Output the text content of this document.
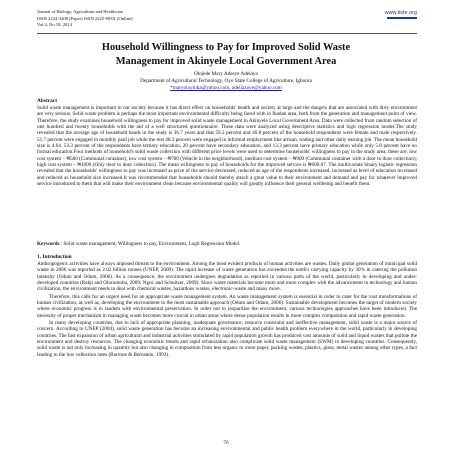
Journal of Biology, Agriculture and Healthcare
ISSN 2224-3208 (Paper) ISSN 2225-093X (Online)
Vol.4, No.18, 2014
www.iiste.org
Household Willingness to Pay for Improved Solid Waste
Management in Akinyele Local Government Area
Olojede Mary Adesye Adelayo
Department of Agricultural Technology, Oyo State College of Agriculture, Igboora
*maryoluyinka@yahoo.com, adelizzove@yahoo.com
Abstract
Solid waste management is important in our society because it has direct effect on households' health and society at large and the dangers that are associated with dirty environment are very serious. Solid waste problem is perhaps the most important environmental difficulty being faced with in Ibadan area, both from the generation and management point of view. Therefore, the study examines household willingness to pay for improved solid waste management in Akinyele Local Government Area. Data were collected from random selection of one hundred and twenty households with the aid of a well structured questionnaire. These data were analyzed using descriptive statistics and logit regression model.The study revealed that the average age of household heads in the study is 36.7 years and that 59.2 percent and 40.8 percent of the household respondents were female and male respectively. 51.7 percent were engaged in monthly paid job while the rest 48.3 percent were engaged in informal employment like artisan, trading and other daily earning job. The mean household size is 4.64. 53.3 percent of the respondents have tertiary education, 20 percent have secondary education, and 13.3 percent have primary education while only 5.8 percent have no formal education.Four methods of household's solid waste collection with different price levels were used to determine households' willingness to pay in the study area; these are; low cost system – ₦500 (Communal container), low cost system – ₦700 (Vehicle in the neighborhood), medium cost system – ₦900 (Communal container with a door to door collection); high cost system – ₦1000 (Only door to door collection). The mean willingness to pay of households for the improved service is ₦606.07. The multivariate binary logistic regression revealed that the households' willingness to pay was increased as price of the service decreased, reduced as age of the respondents increased, increased as level of education increased and reduced as household size increased.It was recommended that households should thereby attach a great value to their environment and demand and pay for whatever improved service introduced to them that will make their environment clean because environmental quality will greatly influence their general wellbeing and benefit them.
Keywords : Solid waste management, Willingness to pay, Environment, Logit Regression Model.
1. Introduction
Anthropogenic activities have always imposed threats to the environment. Among the most evident products of human activities are wastes. Daily global generation of municipal solid waste in 2006 was reported as 2.02 billion tonnes (UNEP, 2009). The rapid increase of waste generation has exceeded the earth's carrying capacity by 30% in catering the pollution intensity (Odum and Odum, 2006). As a consequence, the environment undergoes degradation as reported in various parts of the world, particularly in developing and under-developed countries (Rahji and Oloruntoba, 2009; Ngoc and Schnitzer, 2009). Since waste materials become more and more complex with the advancement in technology and human civilization, the environment needs to deal with chemical wastes, hazardous wastes, electronic-waste and many more.
Therefore, this calls for an urgent need for an appropriate waste management system. An waste management system is essential in order to cater for the vast transformations of human civilization, as well as, developing the environment in the most sustainable approach (Odum and Odum, 2006). Sustainable development becomes the target of modern society where economic progress is in tandem with environmental preservation. In order not to jeopardize the environment, various technologies approaches have been introduced. The necessity of proper mechanism in managing waste becomes more crucial in urban areas where dense population results in more complex composition and rapid waste generation.
In many developing countries, due to lack of appropriate planning, inadequate governance, resource constraint and ineffective management, solid waste is a major source of concern. According to UNEP (2004), solid waste generation has become an increasing environmental and public health problem everywhere in the world, particularly in developing countries. The fast expansion of urban agricultural and industrial activities stimulated by rapid population growth has produced vast amounts of solid and liquid wastes that pollute the environment and destroy resources. The changing economic trends and rapid urbanization also complicate solid waste management (SWM) in developing countries. Consequently, solid waste is not only increasing in quantity but also changing in composition from less organic to more paper, packing wastes, plastics, glass, metal wastes among other types, a fact leading to the low collection rates (Barrone & Bernstein, 1993).
76
